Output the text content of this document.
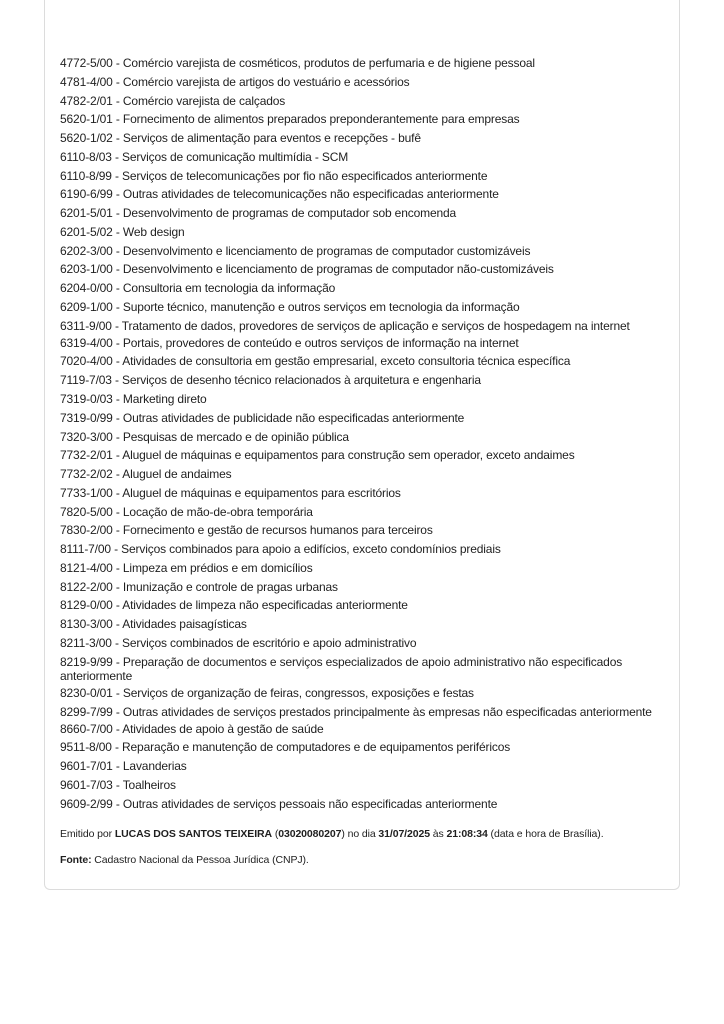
4772-5/00 - Comércio varejista de cosméticos, produtos de perfumaria e de higiene pessoal
4781-4/00 - Comércio varejista de artigos do vestuário e acessórios
4782-2/01 - Comércio varejista de calçados
5620-1/01 - Fornecimento de alimentos preparados preponderantemente para empresas
5620-1/02 - Serviços de alimentação para eventos e recepções - bufê
6110-8/03 - Serviços de comunicação multimídia - SCM
6110-8/99 - Serviços de telecomunicações por fio não especificados anteriormente
6190-6/99 - Outras atividades de telecomunicações não especificadas anteriormente
6201-5/01 - Desenvolvimento de programas de computador sob encomenda
6201-5/02 - Web design
6202-3/00 - Desenvolvimento e licenciamento de programas de computador customizáveis
6203-1/00 - Desenvolvimento e licenciamento de programas de computador não-customizáveis
6204-0/00 - Consultoria em tecnologia da informação
6209-1/00 - Suporte técnico, manutenção e outros serviços em tecnologia da informação
6311-9/00 - Tratamento de dados, provedores de serviços de aplicação e serviços de hospedagem na internet
6319-4/00 - Portais, provedores de conteúdo e outros serviços de informação na internet
7020-4/00 - Atividades de consultoria em gestão empresarial, exceto consultoria técnica específica
7119-7/03 - Serviços de desenho técnico relacionados à arquitetura e engenharia
7319-0/03 - Marketing direto
7319-0/99 - Outras atividades de publicidade não especificadas anteriormente
7320-3/00 - Pesquisas de mercado e de opinião pública
7732-2/01 - Aluguel de máquinas e equipamentos para construção sem operador, exceto andaimes
7732-2/02 - Aluguel de andaimes
7733-1/00 - Aluguel de máquinas e equipamentos para escritórios
7820-5/00 - Locação de mão-de-obra temporária
7830-2/00 - Fornecimento e gestão de recursos humanos para terceiros
8111-7/00 - Serviços combinados para apoio a edifícios, exceto condomínios prediais
8121-4/00 - Limpeza em prédios e em domicílios
8122-2/00 - Imunização e controle de pragas urbanas
8129-0/00 - Atividades de limpeza não especificadas anteriormente
8130-3/00 - Atividades paisagísticas
8211-3/00 - Serviços combinados de escritório e apoio administrativo
8219-9/99 - Preparação de documentos e serviços especializados de apoio administrativo não especificados anteriormente
8230-0/01 - Serviços de organização de feiras, congressos, exposições e festas
8299-7/99 - Outras atividades de serviços prestados principalmente às empresas não especificadas anteriormente
8660-7/00 - Atividades de apoio à gestão de saúde
9511-8/00 - Reparação e manutenção de computadores e de equipamentos periféricos
9601-7/01 - Lavanderias
9601-7/03 - Toalheiros
9609-2/99 - Outras atividades de serviços pessoais não especificadas anteriormente

Emitido por LUCAS DOS SANTOS TEIXEIRA (03020080207) no dia 31/07/2025 às 21:08:34 (data e hora de Brasília).

Fonte: Cadastro Nacional da Pessoa Jurídica (CNPJ).
